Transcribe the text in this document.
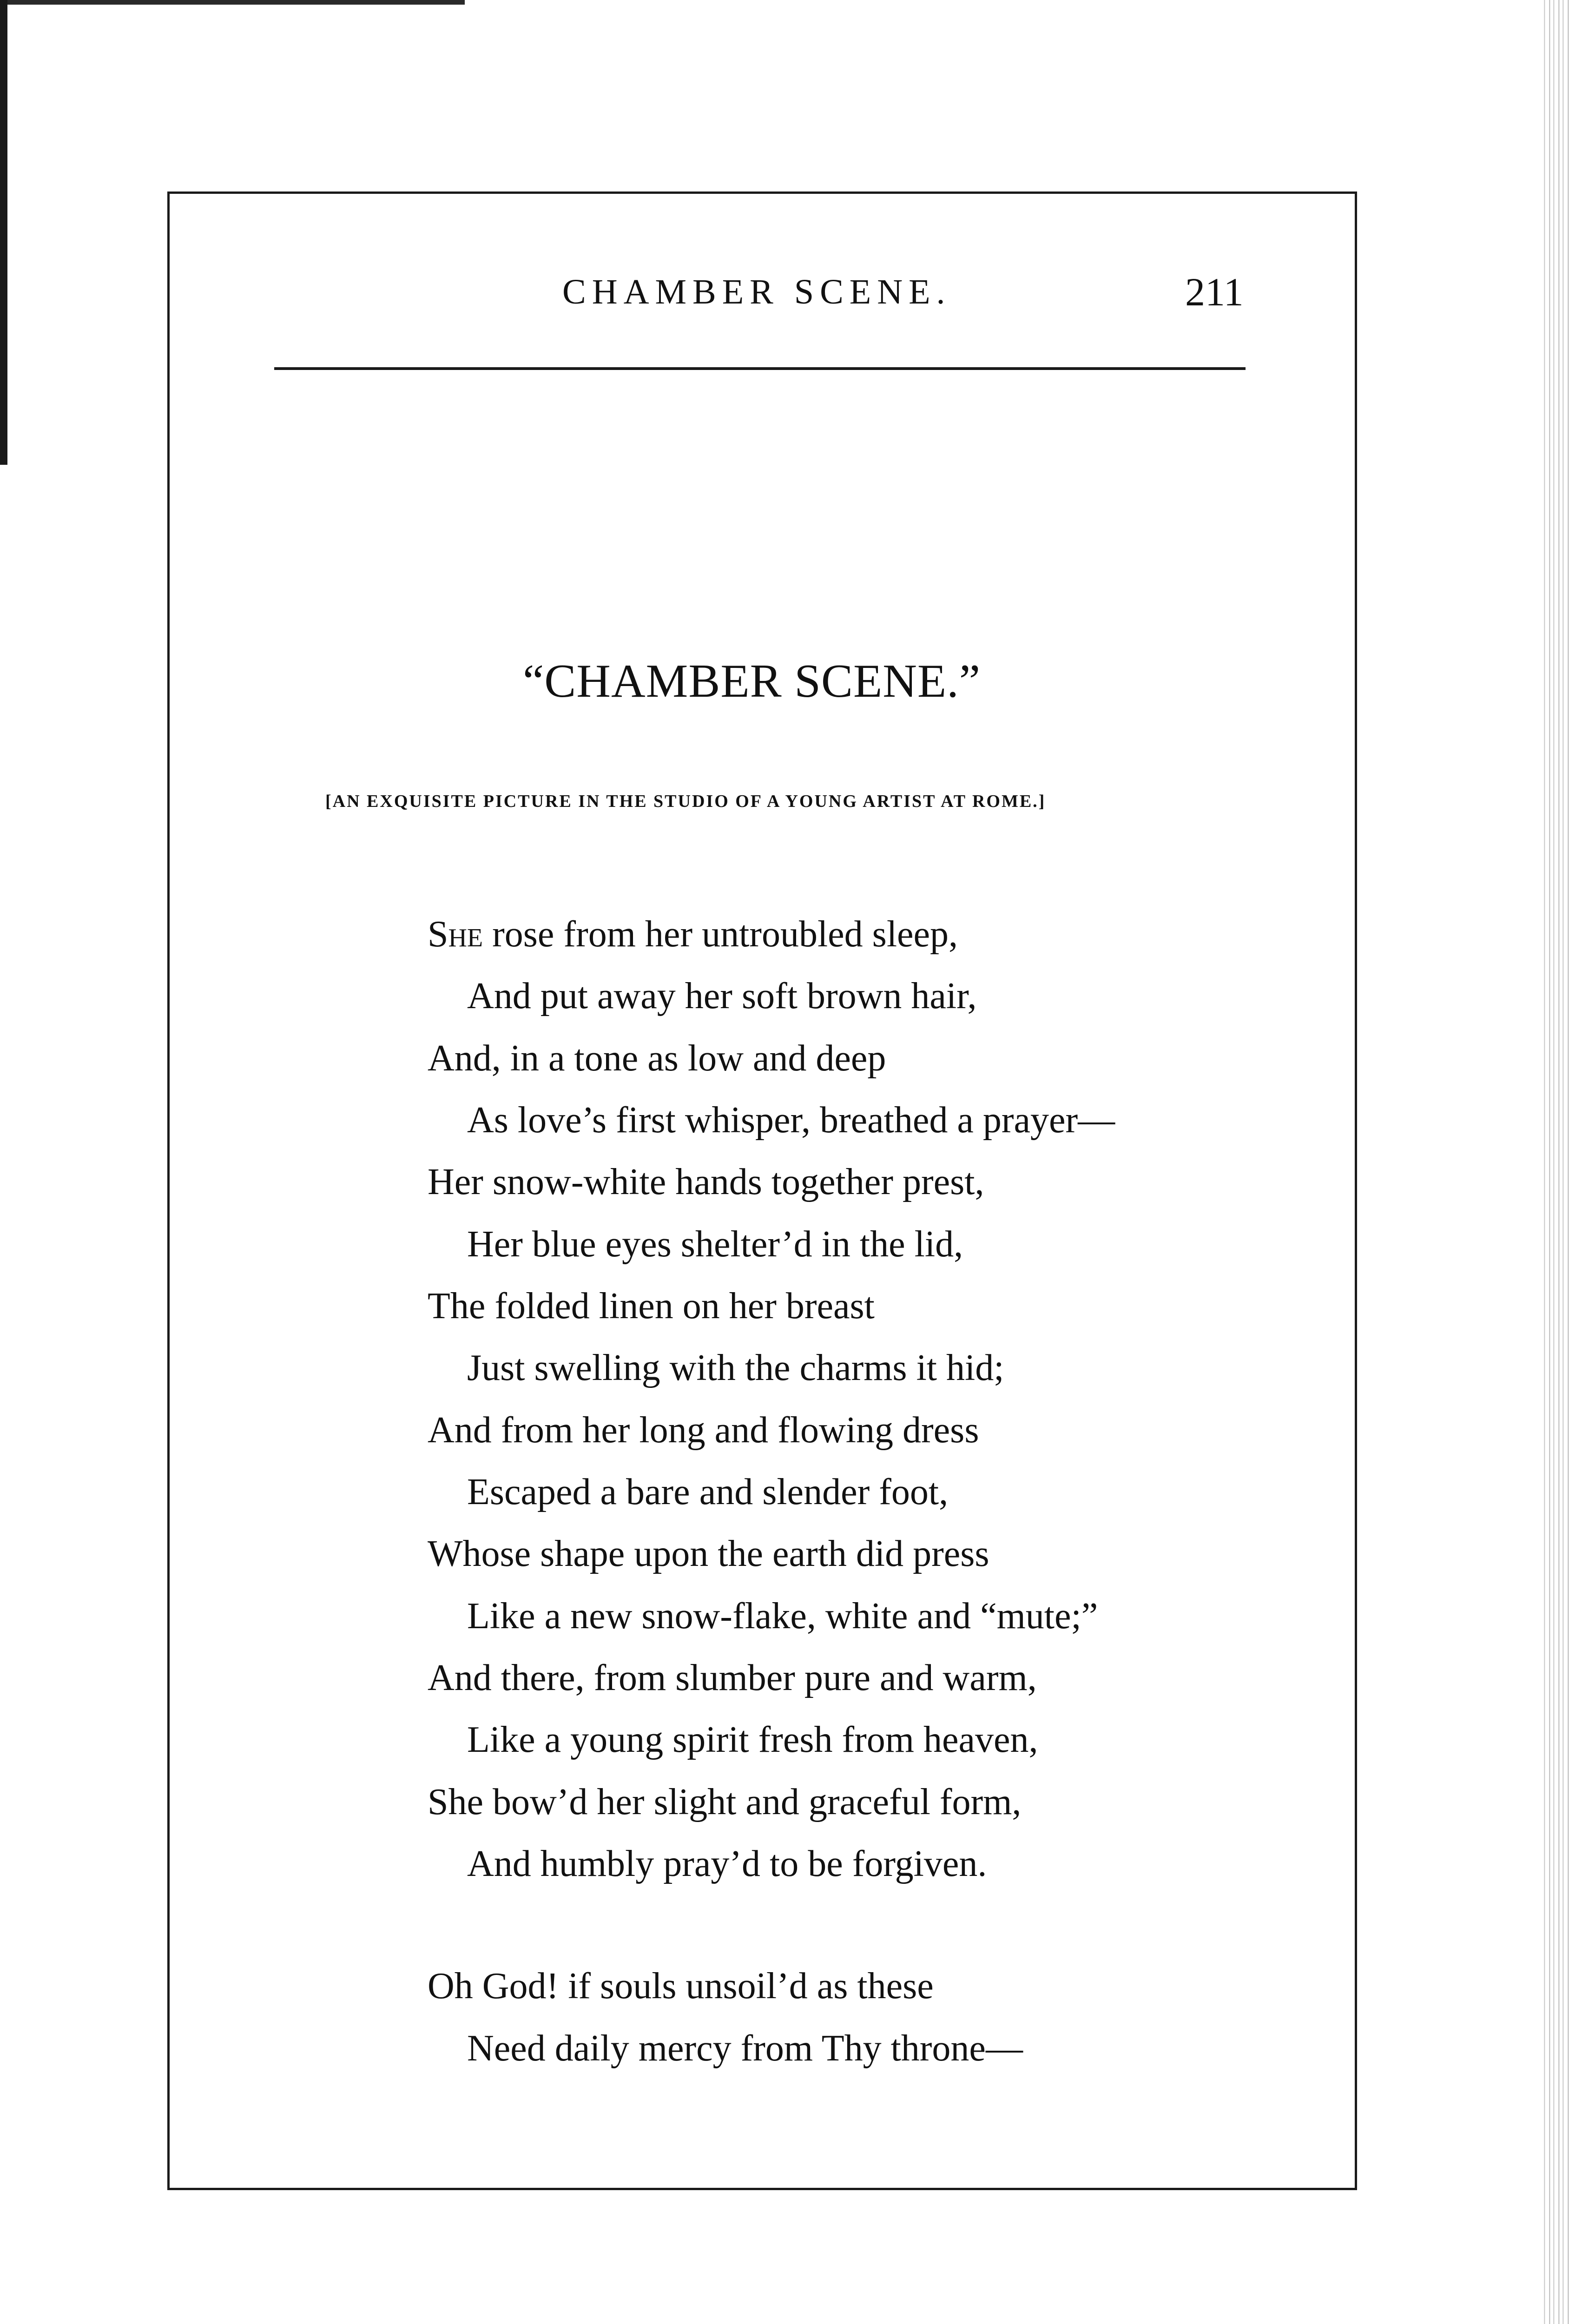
CHAMBER SCENE.	211
“CHAMBER SCENE.”
[AN EXQUISITE PICTURE IN THE STUDIO OF A YOUNG ARTIST AT ROME.]
She rose from her untroubled sleep,
And put away her soft brown hair,
And, in a tone as low and deep
As love’s first whisper, breathed a prayer—
Her snow-white hands together prest,
Her blue eyes shelter’d in the lid,
The folded linen on her breast
Just swelling with the charms it hid;
And from her long and flowing dress
Escaped a bare and slender foot,
Whose shape upon the earth did press
Like a new snow-flake, white and “mute;”
And there, from slumber pure and warm,
Like a young spirit fresh from heaven,
She bow’d her slight and graceful form,
And humbly pray’d to be forgiven.
Oh God! if souls unsoil’d as these
Need daily mercy from Thy throne—
